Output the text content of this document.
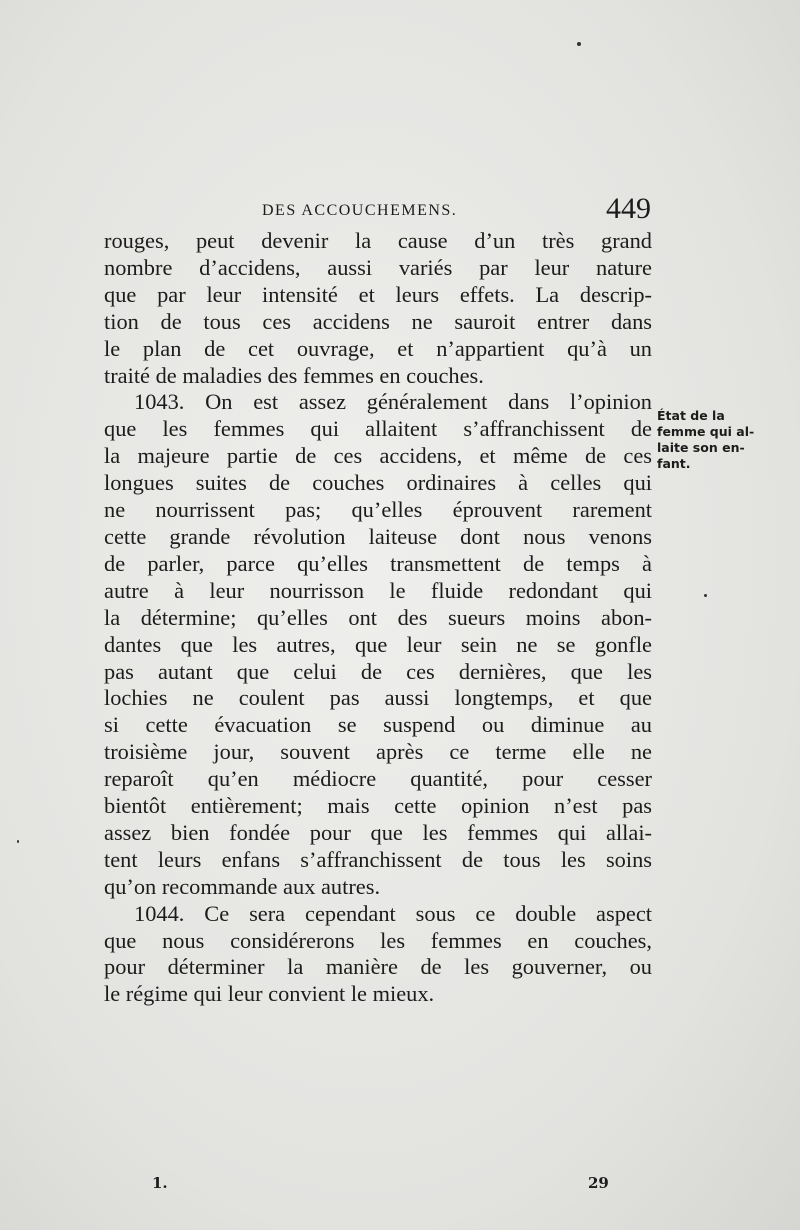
DES ACCOUCHEMENS.	449
rouges, peut devenir la cause d’un très grand
nombre d’accidens, aussi variés par leur nature
que par leur intensité et leurs effets. La descrip-
tion de tous ces accidens ne sauroit entrer dans
le plan de cet ouvrage, et n’appartient qu’à un
traité de maladies des femmes en couches.
1043. On est assez généralement dans l’opinion
que les femmes qui allaitent s’affranchissent de
la majeure partie de ces accidens, et même de ces
longues suites de couches ordinaires à celles qui
ne nourrissent pas; qu’elles éprouvent rarement
cette grande révolution laiteuse dont nous venons
de parler, parce qu’elles transmettent de temps à
autre à leur nourrisson le fluide redondant qui
la détermine; qu’elles ont des sueurs moins abon-
dantes que les autres, que leur sein ne se gonfle
pas autant que celui de ces dernières, que les
lochies ne coulent pas aussi longtemps, et que
si cette évacuation se suspend ou diminue au
troisième jour, souvent après ce terme elle ne
reparoît qu’en médiocre quantité, pour cesser
bientôt entièrement; mais cette opinion n’est pas
assez bien fondée pour que les femmes qui allai-
tent leurs enfans s’affranchissent de tous les soins
qu’on recommande aux autres.
1044. Ce sera cependant sous ce double aspect
que nous considérerons les femmes en couches,
pour déterminer la manière de les gouverner, ou
le régime qui leur convient le mieux.
État de la
femme qui al-
laite son en-
fant.
1.	29
